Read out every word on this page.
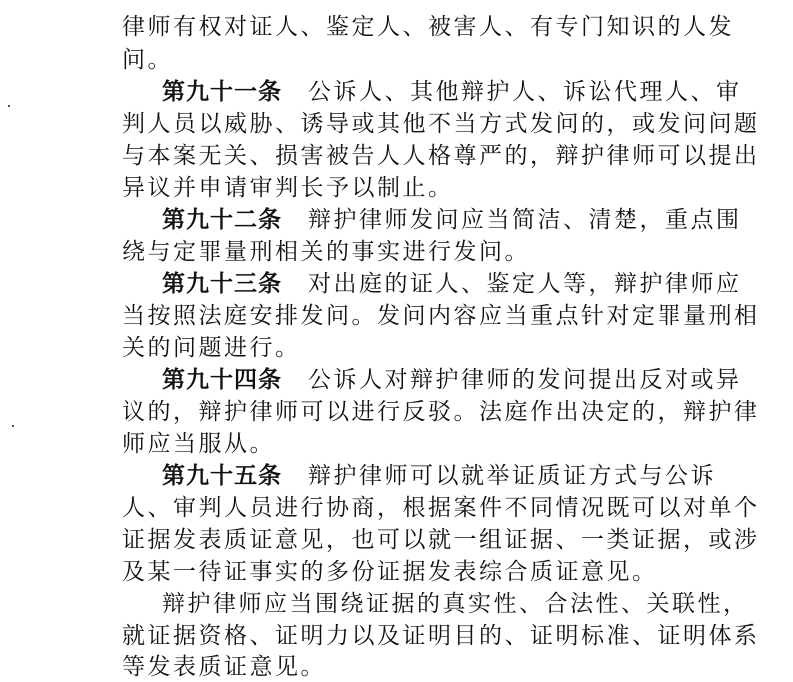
律师有权对证人、鉴定人、被害人、有专门知识的人发
问。
第九十一条 公诉人、其他辩护人、诉讼代理人、审
判人员以威胁、诱导或其他不当方式发问的，或发问问题
与本案无关、损害被告人人格尊严的，辩护律师可以提出
异议并申请审判长予以制止。
第九十二条 辩护律师发问应当简洁、清楚，重点围
绕与定罪量刑相关的事实进行发问。
第九十三条 对出庭的证人、鉴定人等，辩护律师应
当按照法庭安排发问。发问内容应当重点针对定罪量刑相
关的问题进行。
第九十四条 公诉人对辩护律师的发问提出反对或异
议的，辩护律师可以进行反驳。法庭作出决定的，辩护律
师应当服从。
第九十五条 辩护律师可以就举证质证方式与公诉
人、审判人员进行协商，根据案件不同情况既可以对单个
证据发表质证意见，也可以就一组证据、一类证据，或涉
及某一待证事实的多份证据发表综合质证意见。
辩护律师应当围绕证据的真实性、合法性、关联性，
就证据资格、证明力以及证明目的、证明标准、证明体系
等发表质证意见。
